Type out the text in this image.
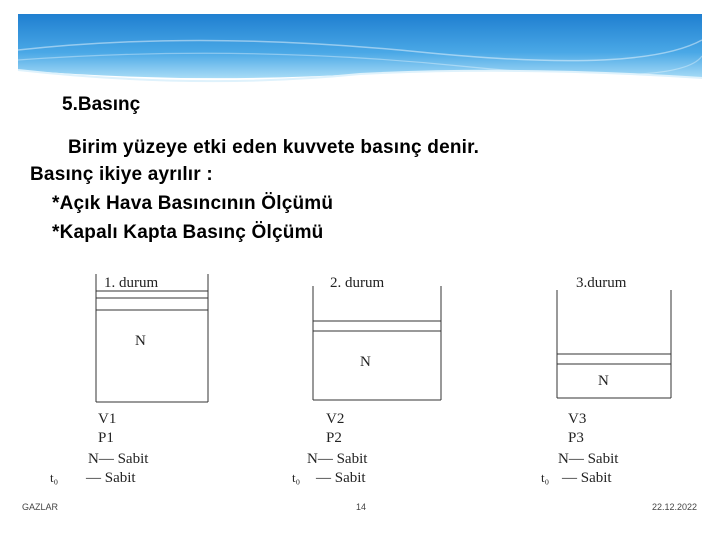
5.Basınç
Birim yüzeye etki eden kuvvete basınç denir.
Basınç ikiye ayrılır :
*Açık Hava Basıncının Ölçümü
*Kapalı Kapta Basınç Ölçümü
1. durum
N
V1
P1
N— Sabit
t₀ — Sabit
2. durum
N
V2
P2
N— Sabit
t₀ — Sabit
3.durum
N
V3
P3
N— Sabit
t₀ — Sabit
GAZLAR	14	22.12.2022
